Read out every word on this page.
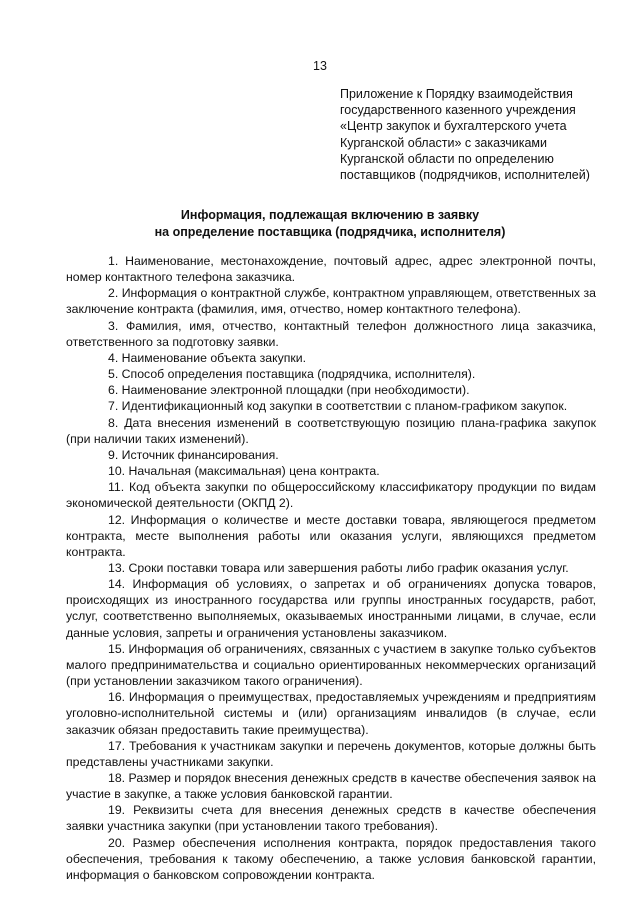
13
Приложение к Порядку взаимодействия
государственного казенного учреждения
«Центр закупок и бухгалтерского учета
Курганской области» с заказчиками
Курганской области по определению
поставщиков (подрядчиков, исполнителей)
Информация, подлежащая включению в заявку
на определение поставщика (подрядчика, исполнителя)

1. Наименование, местонахождение, почтовый адрес, адрес электронной почты, номер контактного телефона заказчика.

2. Информация о контрактной службе, контрактном управляющем, ответственных за заключение контракта (фамилия, имя, отчество, номер контактного телефона).

3. Фамилия, имя, отчество, контактный телефон должностного лица заказчика, ответственного за подготовку заявки.

4. Наименование объекта закупки.

5. Способ определения поставщика (подрядчика, исполнителя).

6. Наименование электронной площадки (при необходимости).

7. Идентификационный код закупки в соответствии с планом-графиком закупок.

8. Дата внесения изменений в соответствующую позицию плана-графика закупок (при наличии таких изменений).

9. Источник финансирования.

10. Начальная (максимальная) цена контракта.

11. Код объекта закупки по общероссийскому классификатору продукции по видам экономической деятельности (ОКПД 2).

12. Информация о количестве и месте доставки товара, являющегося предметом контракта, месте выполнения работы или оказания услуги, являющихся предметом контракта.

13. Сроки поставки товара или завершения работы либо график оказания услуг.

14. Информация об условиях, о запретах и об ограничениях допуска товаров, происходящих из иностранного государства или группы иностранных государств, работ, услуг, соответственно выполняемых, оказываемых иностранными лицами, в случае, если данные условия, запреты и ограничения установлены заказчиком.

15. Информация об ограничениях, связанных с участием в закупке только субъектов малого предпринимательства и социально ориентированных некоммерческих организаций (при установлении заказчиком такого ограничения).

16. Информация о преимуществах, предоставляемых учреждениям и предприятиям уголовно-исполнительной системы и (или) организациям инвалидов (в случае, если заказчик обязан предоставить такие преимущества).

17. Требования к участникам закупки и перечень документов, которые должны быть представлены участниками закупки.

18. Размер и порядок внесения денежных средств в качестве обеспечения заявок на участие в закупке, а также условия банковской гарантии.

19. Реквизиты счета для внесения денежных средств в качестве обеспечения заявки участника закупки (при установлении такого требования).

20. Размер обеспечения исполнения контракта, порядок предоставления такого обеспечения, требования к такому обеспечению, а также условия банковской гарантии, информация о банковском сопровождении контракта.
